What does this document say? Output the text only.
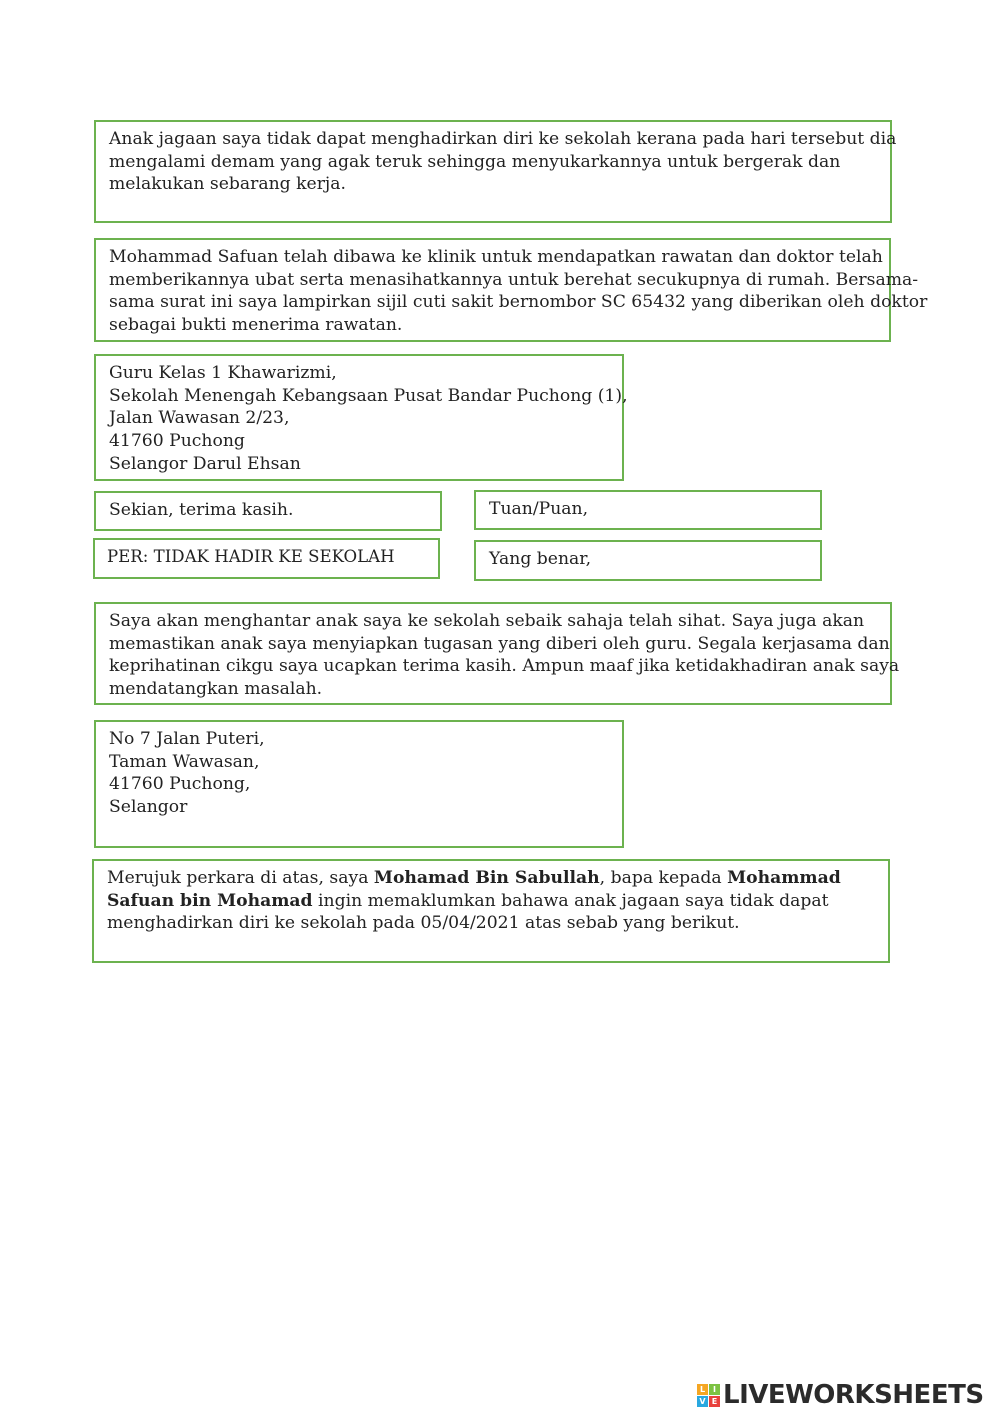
Anak jagaan saya tidak dapat menghadirkan diri ke sekolah kerana pada hari tersebut dia
mengalami demam yang agak teruk sehingga menyukarkannya untuk bergerak dan
melakukan sebarang kerja.
Mohammad Safuan telah dibawa ke klinik untuk mendapatkan rawatan dan doktor telah
memberikannya ubat serta menasihatkannya untuk berehat secukupnya di rumah. Bersama-
sama surat ini saya lampirkan sijil cuti sakit bernombor SC 65432 yang diberikan oleh doktor
sebagai bukti menerima rawatan.
Guru Kelas 1 Khawarizmi,
Sekolah Menengah Kebangsaan Pusat Bandar Puchong (1),
Jalan Wawasan 2/23,
41760 Puchong
Selangor Darul Ehsan
Sekian, terima kasih.	Tuan/Puan,
PER: TIDAK HADIR KE SEKOLAH	Yang benar,
Saya akan menghantar anak saya ke sekolah sebaik sahaja telah sihat. Saya juga akan
memastikan anak saya menyiapkan tugasan yang diberi oleh guru. Segala kerjasama dan
keprihatinan cikgu saya ucapkan terima kasih. Ampun maaf jika ketidakhadiran anak saya
mendatangkan masalah.
No 7 Jalan Puteri,
Taman Wawasan,
41760 Puchong,
Selangor

Merujuk perkara di atas, saya Mohamad Bin Sabullah, bapa kepada Mohammad Safuan bin Mohamad ingin memaklumkan bahawa anak jagaan saya tidak dapat menghadirkan diri ke sekolah pada 05/04/2021 atas sebab yang berikut.

L I
V E LIVEWORKSHEETS
